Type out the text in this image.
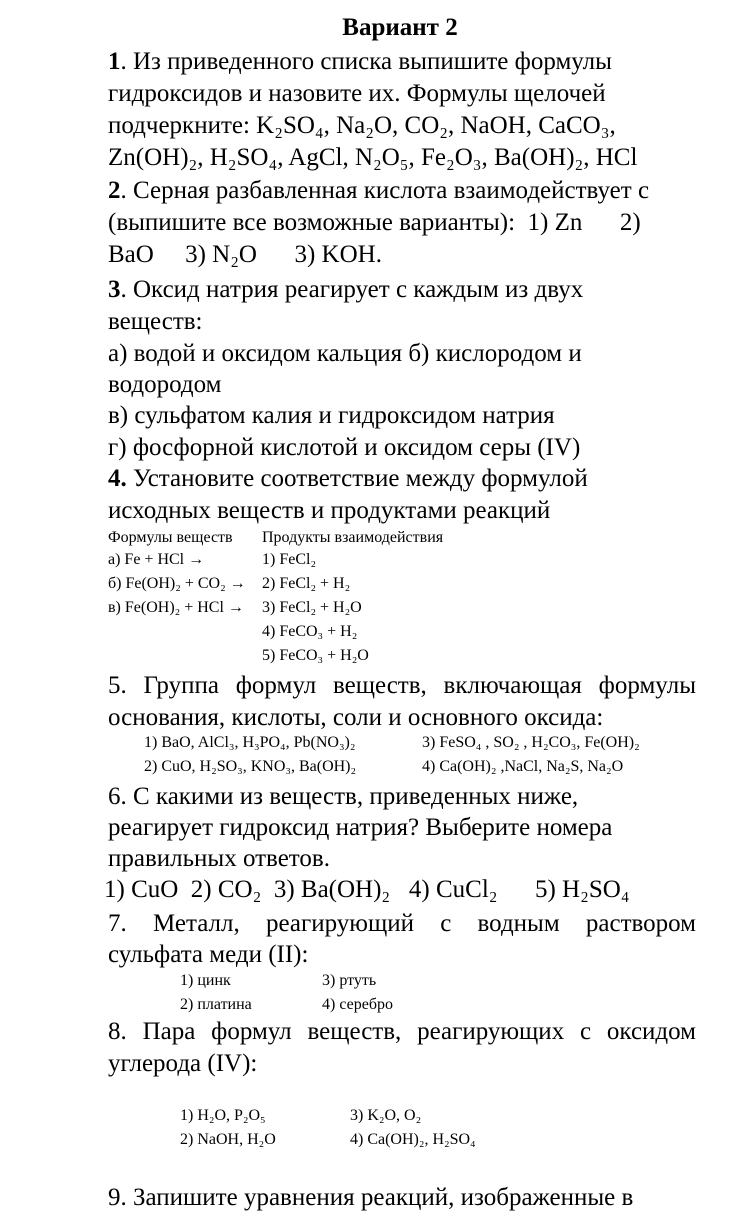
Вариант 2
1. Из приведенного списка выпишите формулы
гидроксидов и назовите их. Формулы щелочей
подчеркните: K₂SO₄, Na₂O, CO₂, NaOH, CaCO₃,
Zn(OH)₂, H₂SO₄, AgCl, N₂O₅, Fe₂O₃, Ba(OH)₂, HCl
2. Серная разбавленная кислота взаимодействует с
(выпишите все возможные варианты):  1) Zn      2)
BaO     3) N₂O      3) KOH.
3. Оксид натрия реагирует с каждым из двух
веществ:
а) водой и оксидом кальция б) кислородом и
водородом
в) сульфатом калия и гидроксидом натрия
г) фосфорной кислотой и оксидом серы (IV)
4. Установите соответствие между формулой
исходных веществ и продуктами реакций
Формулы веществ Продукты взаимодействия
а) Fe + HCl →
б) Fe(OH)₂ + CO₂ →
в) Fe(OH)₂ + HCl →
1) FeCl₂
2) FeCl₂ + H₂
3) FeCl₂ + H₂O
4) FeCO₃ + H₂
5) FeCO₃ + H₂O
5. Группа формул веществ, включающая формулы
основания, кислоты, соли и основного оксида:
1) BaO, AlCl₃, H₃PO₄, Pb(NO₃)₂
2) CuO, H₂SO₃, KNO₃, Ba(OH)₂
3) FeSO₄ , SO₂ , H₂CO₃, Fe(OH)₂
4) Ca(OH)₂ ,NaCl, Na₂S, Na₂O
6. С какими из веществ, приведенных ниже,
реагирует гидроксид натрия? Выберите номера
правильных ответов.
1) CuO  2) CO₂  3) Ba(OH)₂   4) CuCl₂      5) H₂SO₄
7. Металл, реагирующий с водным раствором
сульфата меди (II):
1) цинк
2) платина
3) ртуть
4) серебро
8. Пара формул веществ, реагирующих с оксидом
углерода (IV):
1) H₂O, P₂O₅
2) NaOH, H₂O
3) K₂O, O₂
4) Ca(OH)₂, H₂SO₄
9. Запишите уравнения реакций, изображенные в
